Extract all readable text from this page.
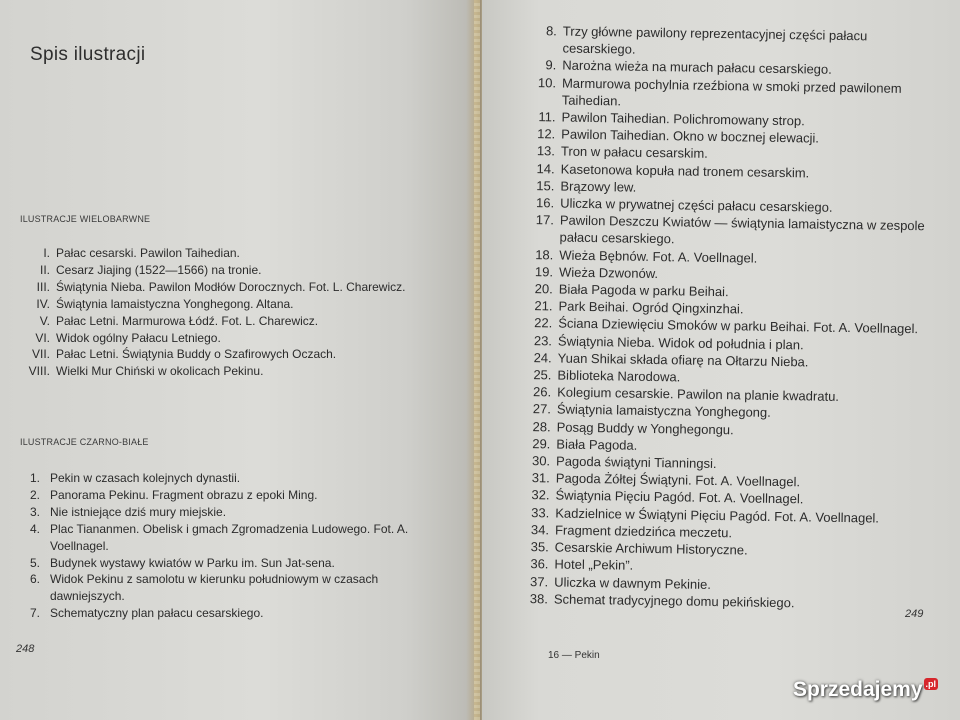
Spis ilustracji
ILUSTRACJE WIELOBARWNE
I. Pałac cesarski. Pawilon Taihedian.
II. Cesarz Jiajing (1522—1566) na tronie.
III. Świątynia Nieba. Pawilon Modłów Dorocznych. Fot. L. Charewicz.
IV. Świątynia lamaistyczna Yonghegong. Altana.
V. Pałac Letni. Marmurowa Łódź. Fot. L. Charewicz.
VI. Widok ogólny Pałacu Letniego.
VII. Pałac Letni. Świątynia Buddy o Szafirowych Oczach.
VIII. Wielki Mur Chiński w okolicach Pekinu.
ILUSTRACJE CZARNO-BIAŁE
1. Pekin w czasach kolejnych dynastii.
2. Panorama Pekinu. Fragment obrazu z epoki Ming.
3. Nie istniejące dziś mury miejskie.
4. Plac Tiananmen. Obelisk i gmach Zgromadzenia Ludowego. Fot. A. Voellnagel.
5. Budynek wystawy kwiatów w Parku im. Sun Jat-sena.
6. Widok Pekinu z samolotu w kierunku południowym w czasach dawniejszych.
7. Schematyczny plan pałacu cesarskiego.
248
8. Trzy główne pawilony reprezentacyjnej części pałacu cesarskiego.
9. Narożna wieża na murach pałacu cesarskiego.
10. Marmurowa pochylnia rzeźbiona w smoki przed pawilonem Taihedian.
11. Pawilon Taihedian. Polichromowany strop.
12. Pawilon Taihedian. Okno w bocznej elewacji.
13. Tron w pałacu cesarskim.
14. Kasetonowa kopuła nad tronem cesarskim.
15. Brązowy lew.
16. Uliczka w prywatnej części pałacu cesarskiego.
17. Pawilon Deszczu Kwiatów — świątynia lamaistyczna w zespole pałacu cesarskiego.
18. Wieża Bębnów. Fot. A. Voellnagel.
19. Wieża Dzwonów.
20. Biała Pagoda w parku Beihai.
21. Park Beihai. Ogród Qingxinzhai.
22. Ściana Dziewięciu Smoków w parku Beihai. Fot. A. Voellnagel.
23. Świątynia Nieba. Widok od południa i plan.
24. Yuan Shikai składa ofiarę na Ołtarzu Nieba.
25. Biblioteka Narodowa.
26. Kolegium cesarskie. Pawilon na planie kwadratu.
27. Świątynia lamaistyczna Yonghegong.
28. Posąg Buddy w Yonghegongu.
29. Biała Pagoda.
30. Pagoda świątyni Tianningsi.
31. Pagoda Żółtej Świątyni. Fot. A. Voellnagel.
32. Świątynia Pięciu Pagód. Fot. A. Voellnagel.
33. Kadzielnice w Świątyni Pięciu Pagód. Fot. A. Voellnagel.
34. Fragment dziedzińca meczetu.
35. Cesarskie Archiwum Historyczne.
36. Hotel „Pekin”.
37. Uliczka w dawnym Pekinie.
38. Schemat tradycyjnego domu pekińskiego.
16 — Pekin
249
Sprzedajemy .pl
